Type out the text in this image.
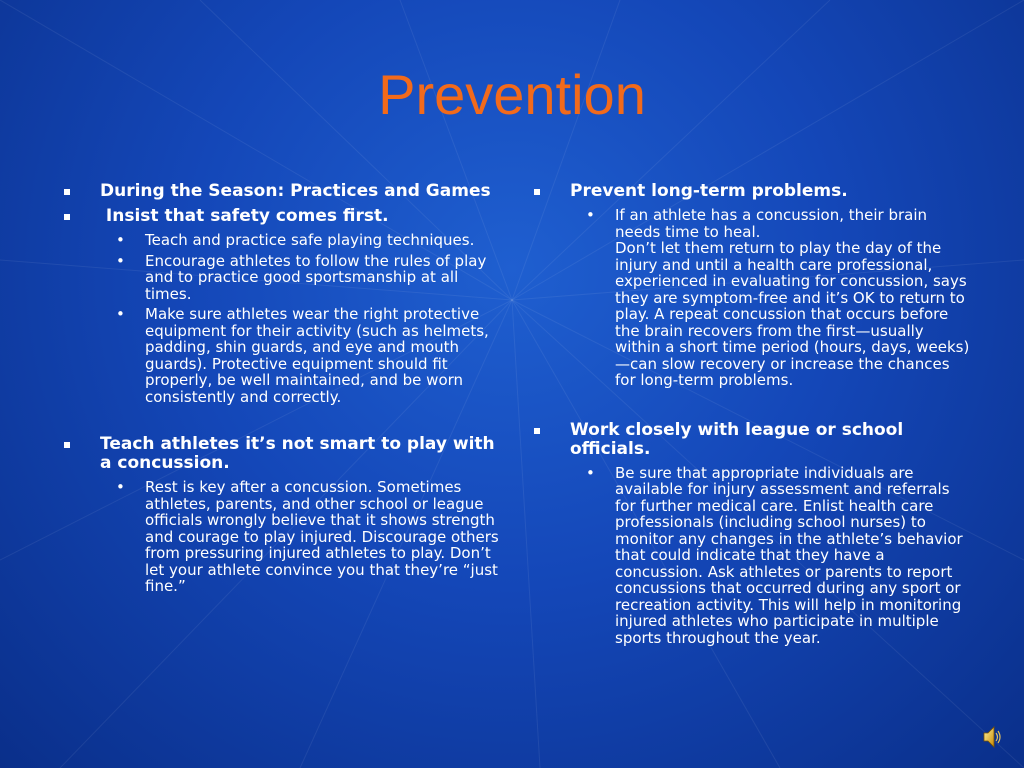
Prevention
During the Season: Practices and Games
Insist that safety comes first.
• Teach and practice safe playing techniques.
• Encourage athletes to follow the rules of play and to practice good sportsmanship at all times.
• Make sure athletes wear the right protective equipment for their activity (such as helmets, padding, shin guards, and eye and mouth guards). Protective equipment should fit properly, be well maintained, and be worn consistently and correctly.
Teach athletes it’s not smart to play with a concussion.
• Rest is key after a concussion. Sometimes athletes, parents, and other school or league officials wrongly believe that it shows strength and courage to play injured. Discourage others from pressuring injured athletes to play. Don’t let your athlete convince you that they’re “just fine.”
Prevent long-term problems.
• If an athlete has a concussion, their brain needs time to heal.
Don’t let them return to play the day of the injury and until a health care professional, experienced in evaluating for concussion, says they are symptom-free and it’s OK to return to play. A repeat concussion that occurs before the brain recovers from the first—usually within a short time period (hours, days, weeks)—can slow recovery or increase the chances for long-term problems.
Work closely with league or school officials.
• Be sure that appropriate individuals are available for injury assessment and referrals for further medical care. Enlist health care professionals (including school nurses) to monitor any changes in the athlete’s behavior that could indicate that they have a concussion. Ask athletes or parents to report concussions that occurred during any sport or recreation activity. This will help in monitoring injured athletes who participate in multiple sports throughout the year.
